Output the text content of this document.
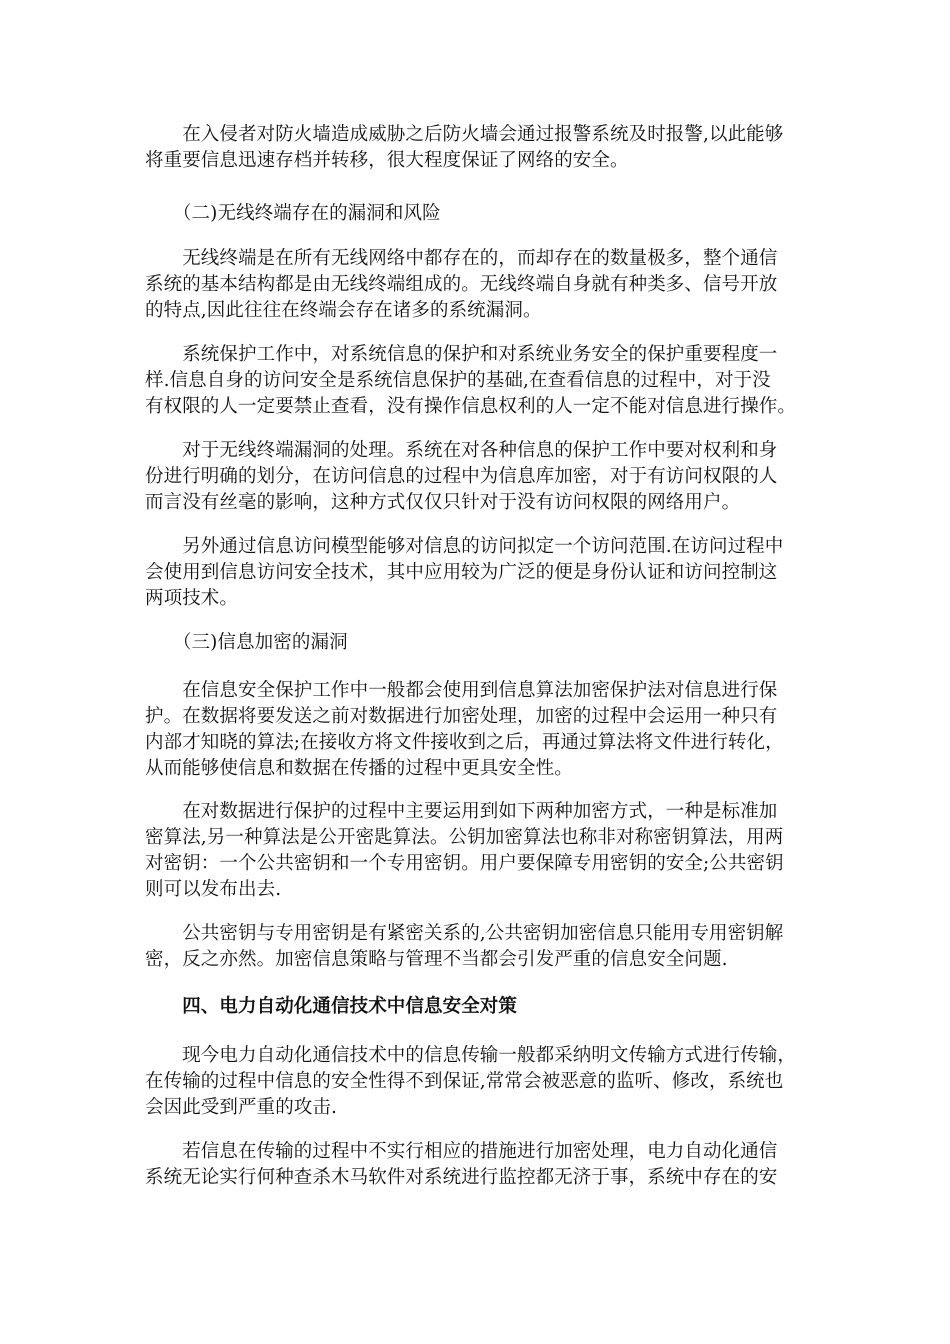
　　在入侵者对防火墙造成威胁之后防火墙会通过报警系统及时报警,以此能够
将重要信息迅速存档并转移，很大程度保证了网络的安全。
　　（二)无线终端存在的漏洞和风险
　　无线终端是在所有无线网络中都存在的，而却存在的数量极多，整个通信
系统的基本结构都是由无线终端组成的。无线终端自身就有种类多、信号开放
的特点,因此往往在终端会存在诸多的系统漏洞。
　　系统保护工作中，对系统信息的保护和对系统业务安全的保护重要程度一
样.信息自身的访问安全是系统信息保护的基础,在查看信息的过程中，对于没
有权限的人一定要禁止查看，没有操作信息权利的人一定不能对信息进行操作。
　　对于无线终端漏洞的处理。系统在对各种信息的保护工作中要对权利和身
份进行明确的划分，在访问信息的过程中为信息库加密，对于有访问权限的人
而言没有丝毫的影响，这种方式仅仅只针对于没有访问权限的网络用户。
　　另外通过信息访问模型能够对信息的访问拟定一个访问范围.在访问过程中
会使用到信息访问安全技术，其中应用较为广泛的便是身份认证和访问控制这
两项技术。
　　（三)信息加密的漏洞
　　在信息安全保护工作中一般都会使用到信息算法加密保护法对信息进行保
护。在数据将要发送之前对数据进行加密处理，加密的过程中会运用一种只有
内部才知晓的算法;在接收方将文件接收到之后，再通过算法将文件进行转化，
从而能够使信息和数据在传播的过程中更具安全性。
　　在对数据进行保护的过程中主要运用到如下两种加密方式，一种是标准加
密算法,另一种算法是公开密匙算法。公钥加密算法也称非对称密钥算法，用两
对密钥：一个公共密钥和一个专用密钥。用户要保障专用密钥的安全;公共密钥
则可以发布出去.
　　公共密钥与专用密钥是有紧密关系的,公共密钥加密信息只能用专用密钥解
密，反之亦然。加密信息策略与管理不当都会引发严重的信息安全问题.
　　四、电力自动化通信技术中信息安全对策
　　现今电力自动化通信技术中的信息传输一般都采纳明文传输方式进行传输，
在传输的过程中信息的安全性得不到保证,常常会被恶意的监听、修改，系统也
会因此受到严重的攻击.
　　若信息在传输的过程中不实行相应的措施进行加密处理，电力自动化通信
系统无论实行何种查杀木马软件对系统进行监控都无济于事，系统中存在的安
